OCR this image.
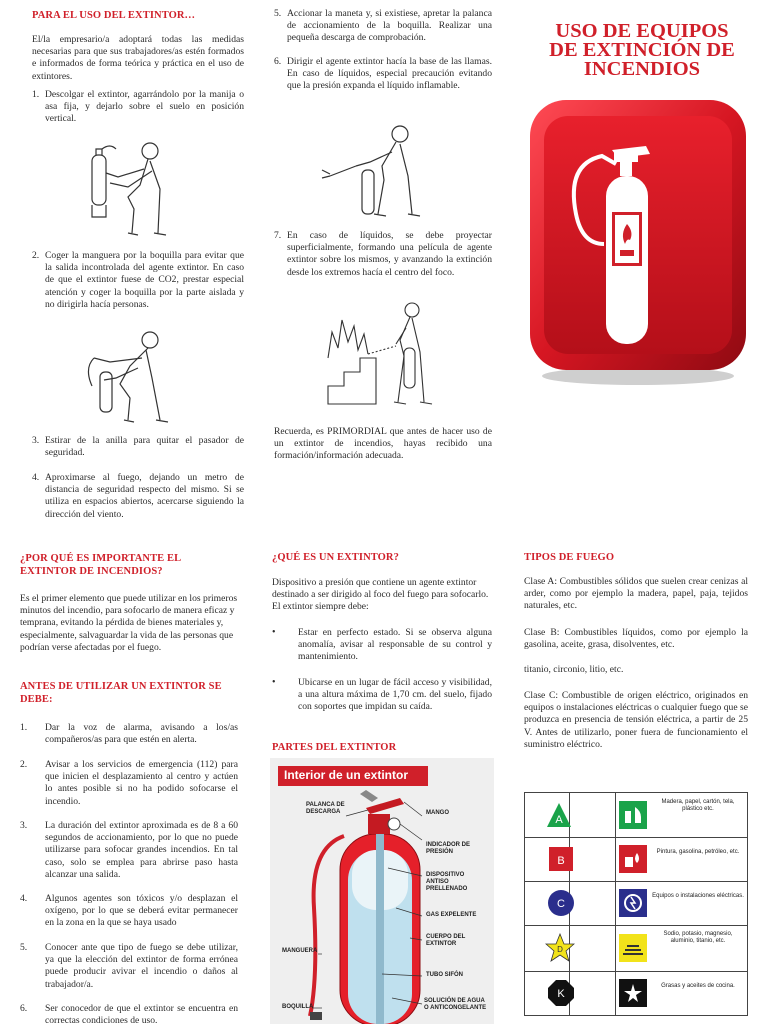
PARA EL USO DEL EXTINTOR…
El/la empresario/a adoptará todas las medidas necesarias para que sus trabajadores/as estén formados e informados de forma teórica y práctica en el uso de extintores.
1. Descolgar el extintor, agarrándolo por la manija o asa fija, y dejarlo sobre el suelo en posición vertical.
2. Coger la manguera por la boquilla para evitar que la salida incontrolada del agente extintor. En caso de que el extintor fuese de CO2, prestar especial atención y coger la boquilla por la parte aislada y no dirigirla hacía personas.
3. Estirar de la anilla para quitar el pasador de seguridad.
4. Aproximarse al fuego, dejando un metro de distancia de seguridad respecto del mismo. Si se utiliza en espacios abiertos, acercarse siguiendo la dirección del viento.
5. Accionar la maneta y, si existiese, apretar la palanca de accionamiento de la boquilla. Realizar una pequeña descarga de comprobación.
6. Dirigir el agente extintor hacía la base de las llamas. En caso de líquidos, especial precaución evitando que la presión expanda el líquido inflamable.
7. En caso de líquidos, se debe proyectar superficialmente, formando una película de agente extintor sobre los mismos, y avanzando la extinción desde los extremos hacía el centro del foco.
Recuerda, es PRIMORDIAL que antes de hacer uso de un extintor de incendios, hayas recibido una formación/información adecuada.
USO DE EQUIPOS
DE EXTINCIÓN DE
INCENDIOS
¿POR QUÉ ES IMPORTANTE EL EXTINTOR DE INCENDIOS?
Es el primer elemento que puede utilizar en los primeros minutos del incendio, para sofocarlo de manera eficaz y temprana, evitando la pérdida de bienes materiales y, especialmente, salvaguardar la vida de las personas que podrían verse afectadas por el fuego.
ANTES DE UTILIZAR UN EXTINTOR SE DEBE:
1.	Dar la voz de alarma, avisando a los/as compañeros/as para que estén en alerta.
2.	Avisar a los servicios de emergencia (112) para que inicien el desplazamiento al centro y actúen lo antes posible si no ha podido sofocarse el incendio.
3.	La duración del extintor aproximada es de 8 a 60 segundos de accionamiento, por lo que no puede utilizarse para sofocar grandes incendios. En tal caso, solo se emplea para abrirse paso hasta alcanzar una salida.
4.	Algunos agentes son tóxicos y/o desplazan el oxígeno, por lo que se deberá evitar permanecer en la zona en la que se haya usado
5.	Conocer ante que tipo de fuego se debe utilizar, ya que la elección del extintor de forma errónea puede producir avivar el incendio o daños al trabajador/a.
6.	Ser conocedor de que el extintor se encuentra en correctas condiciones de uso.
¿QUÉ ES UN EXTINTOR?
Dispositivo a presión que contiene un agente extintor destinado a ser dirigido al foco del fuego para sofocarlo. El extintor siempre debe:
•	Estar en perfecto estado. Si se observa alguna anomalía, avisar al responsable de su control y mantenimiento.
•	Ubicarse en un lugar de fácil acceso y visibilidad, a una altura máxima de 1,70 cm. del suelo, fijado con soportes que impidan su caída.
PARTES DEL EXTINTOR
Interior de un extintor
PALANCA DE DESCARGA	MANGO
INDICADOR DE PRESIÓN
DISPOSITIVO ANTISO PRELLENADO
GAS EXPELENTE
CUERPO DEL EXTINTOR
MANGUERA
TUBO SIFÓN
BOQUILLA
SOLUCIÓN DE AGUA O ANTICONGELANTE
TIPOS DE FUEGO
Clase A: Combustibles sólidos que suelen crear cenizas al arder, como por ejemplo la madera, papel, paja, tejidos naturales, etc.
Clase B: Combustibles líquidos, como por ejemplo la gasolina, aceite, grasa, disolventes, etc.
titanio, circonio, litio, etc.
Clase C: Combustible de origen eléctrico, originados en equipos o instalaciones eléctricas o cualquier fuego que se produzca en presencia de tensión eléctrica, a partir de 25 V. Antes de utilizarlo, poner fuera de funcionamiento el suministro eléctrico.
A
Madera, papel, cartón, tela, plástico etc.
B
Pintura, gasolina, petróleo, etc.
C
Equipos o instalaciones eléctricas.
D
Sodio, potasio, magnesio, aluminio, titanio, etc.
K
Grasas y aceites de cocina.
